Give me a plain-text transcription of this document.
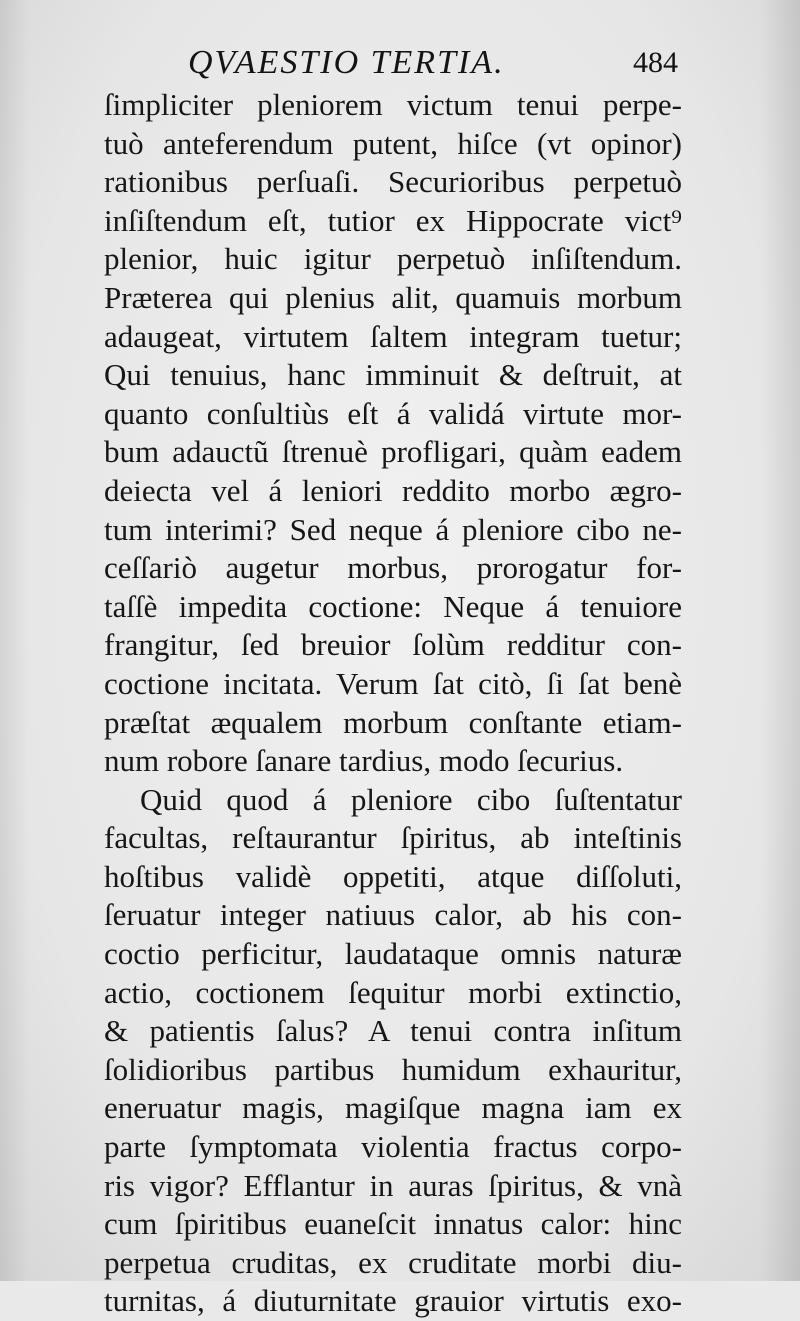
QVAESTIO TERTIA.	484
ſimpliciter pleniorem victum tenui perpe-
tuò anteferendum putent, hiſce (vt opinor)
rationibus perſuaſi. Securioribus perpetuò
inſiſtendum eſt, tutior ex Hippocrate vict⁹
plenior, huic igitur perpetuò inſiſtendum.
Præterea qui plenius alit, quamuis morbum
adaugeat, virtutem ſaltem integram tuetur;
Qui tenuius, hanc imminuit & deſtruit, at
quanto conſultiùs eſt á validá virtute mor-
bum adauctũ ſtrenuè profligari, quàm eadem
deiecta vel á leniori reddito morbo ægro-
tum interimi? Sed neque á pleniore cibo ne-
ceſſariò augetur morbus, prorogatur for-
taſſè impedita coctione: Neque á tenuiore
frangitur, ſed breuior ſolùm redditur con-
coctione incitata. Verum ſat citò, ſi ſat benè
præſtat æqualem morbum conſtante etiam-
num robore ſanare tardius, modo ſecurius.
Quid quod á pleniore cibo ſuſtentatur
facultas, reſtaurantur ſpiritus, ab inteſtinis
hoſtibus validè oppetiti, atque diſſoluti,
ſeruatur integer natiuus calor, ab his con-
coctio perficitur, laudataque omnis naturæ
actio, coctionem ſequitur morbi extinctio,
& patientis ſalus? A tenui contra inſitum
ſolidioribus partibus humidum exhauritur,
eneruatur magis, magiſque magna iam ex
parte ſymptomata violentia fractus corpo-
ris vigor? Efflantur in auras ſpiritus, & vnà
cum ſpiritibus euaneſcit innatus calor: hinc
perpetua cruditas, ex cruditate morbi diu-
turnitas, á diuturnitate grauior virtutis exo-
